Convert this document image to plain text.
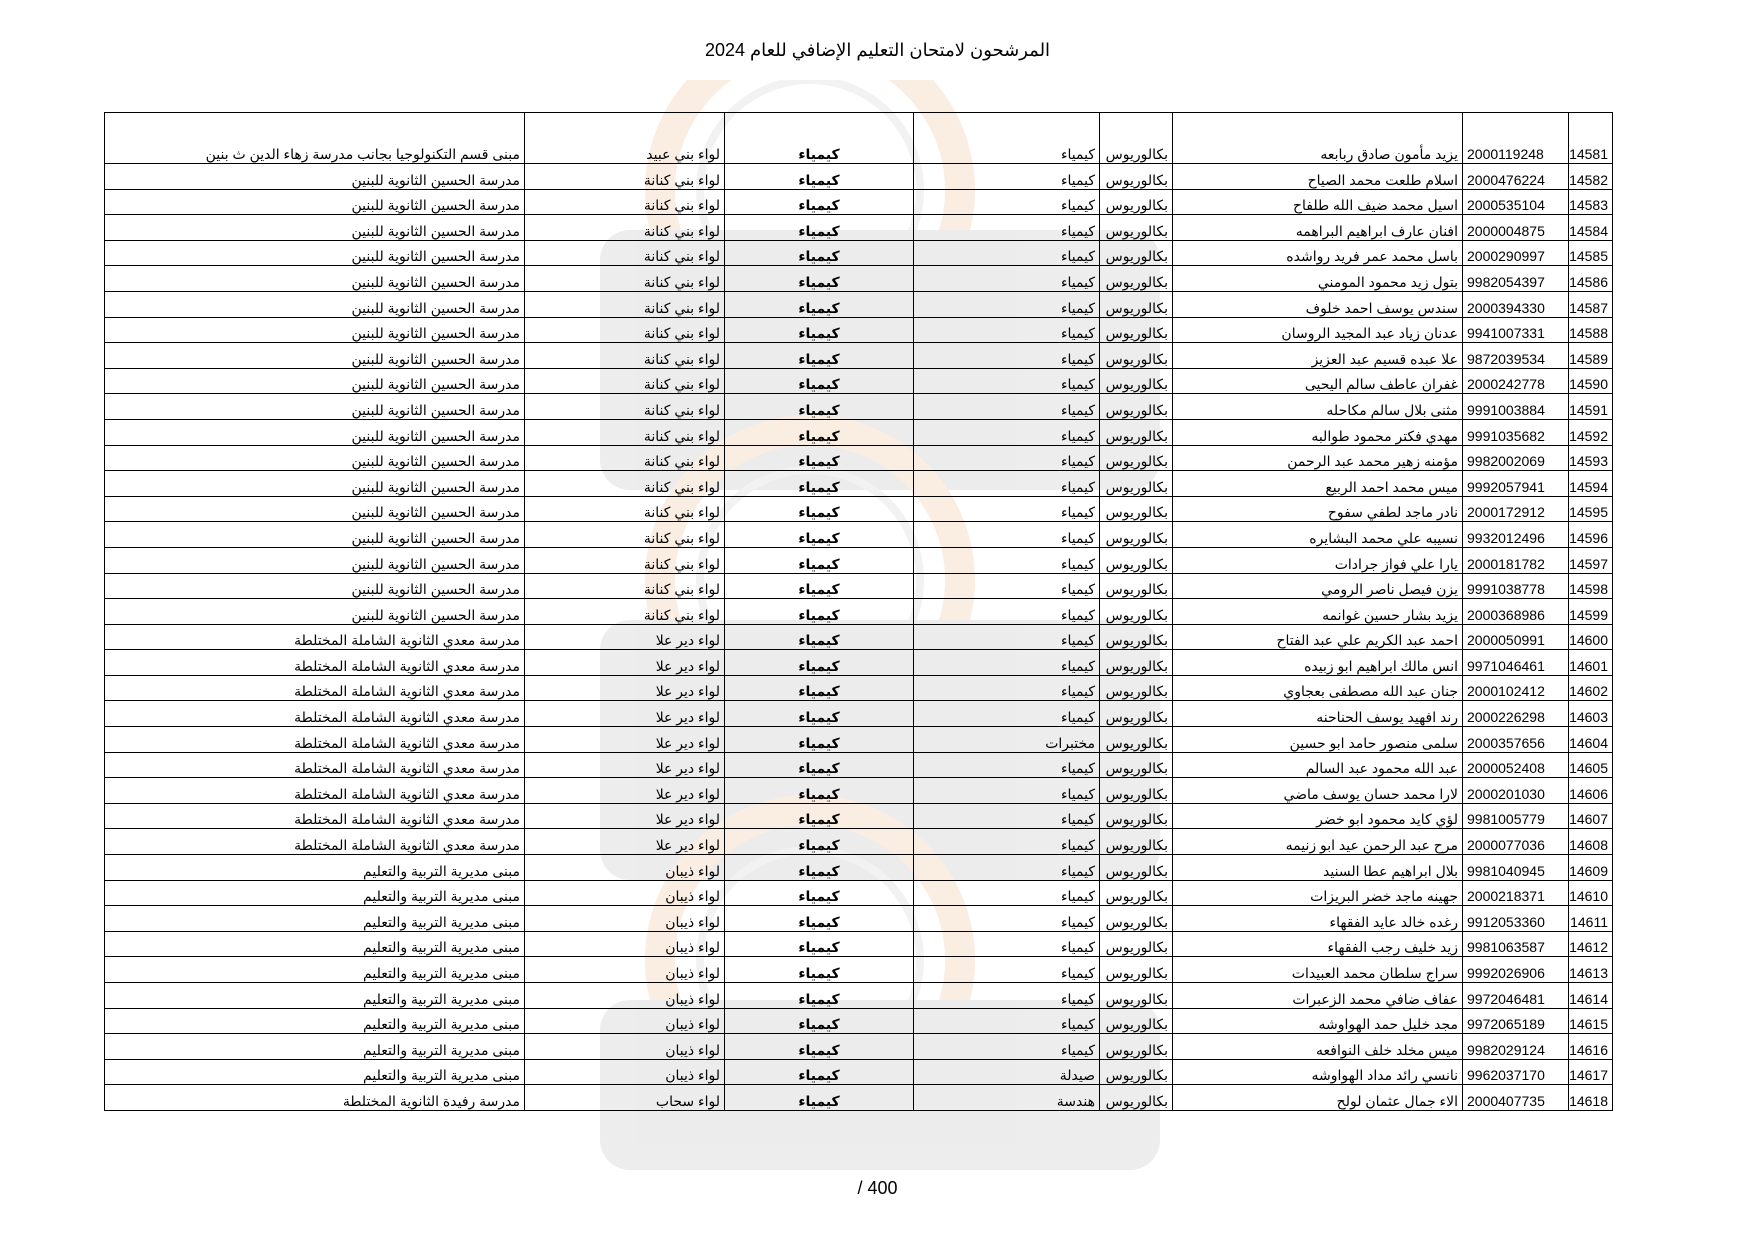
المرشحون لامتحان التعليم الإضافي للعام 2024
14581	2000119248	يزيد مأمون صادق ربابعه	بكالوريوس	كيمياء	كيمياء	لواء بني عبيد	مبنى قسم التكنولوجيا بجانب مدرسة زهاء الدين ث بنين
14582	2000476224	اسلام طلعت محمد الصياح	بكالوريوس	كيمياء	كيمياء	لواء بني كنانة	مدرسة الحسين الثانوية للبنين
14583	2000535104	اسيل محمد ضيف الله طلفاح	بكالوريوس	كيمياء	كيمياء	لواء بني كنانة	مدرسة الحسين الثانوية للبنين
14584	2000004875	افنان عارف ابراهيم البراهمه	بكالوريوس	كيمياء	كيمياء	لواء بني كنانة	مدرسة الحسين الثانوية للبنين
14585	2000290997	باسل محمد عمر فريد رواشده	بكالوريوس	كيمياء	كيمياء	لواء بني كنانة	مدرسة الحسين الثانوية للبنين
14586	9982054397	بتول زيد محمود المومني	بكالوريوس	كيمياء	كيمياء	لواء بني كنانة	مدرسة الحسين الثانوية للبنين
14587	2000394330	سندس يوسف احمد خلوف	بكالوريوس	كيمياء	كيمياء	لواء بني كنانة	مدرسة الحسين الثانوية للبنين
14588	9941007331	عدنان زياد عبد المجيد الروسان	بكالوريوس	كيمياء	كيمياء	لواء بني كنانة	مدرسة الحسين الثانوية للبنين
14589	9872039534	علا عبده قسيم عبد العزيز	بكالوريوس	كيمياء	كيمياء	لواء بني كنانة	مدرسة الحسين الثانوية للبنين
14590	2000242778	غفران عاطف سالم اليحيى	بكالوريوس	كيمياء	كيمياء	لواء بني كنانة	مدرسة الحسين الثانوية للبنين
14591	9991003884	مثنى بلال سالم مكاحله	بكالوريوس	كيمياء	كيمياء	لواء بني كنانة	مدرسة الحسين الثانوية للبنين
14592	9991035682	مهدي فكتر محمود طوالبه	بكالوريوس	كيمياء	كيمياء	لواء بني كنانة	مدرسة الحسين الثانوية للبنين
14593	9982002069	مؤمنه زهير محمد عبد الرحمن	بكالوريوس	كيمياء	كيمياء	لواء بني كنانة	مدرسة الحسين الثانوية للبنين
14594	9992057941	ميس محمد احمد الربيع	بكالوريوس	كيمياء	كيمياء	لواء بني كنانة	مدرسة الحسين الثانوية للبنين
14595	2000172912	نادر ماجد لطفي سفوح	بكالوريوس	كيمياء	كيمياء	لواء بني كنانة	مدرسة الحسين الثانوية للبنين
14596	9932012496	نسيبه علي محمد البشايره	بكالوريوس	كيمياء	كيمياء	لواء بني كنانة	مدرسة الحسين الثانوية للبنين
14597	2000181782	يارا علي فواز جرادات	بكالوريوس	كيمياء	كيمياء	لواء بني كنانة	مدرسة الحسين الثانوية للبنين
14598	9991038778	يزن فيصل ناصر الرومي	بكالوريوس	كيمياء	كيمياء	لواء بني كنانة	مدرسة الحسين الثانوية للبنين
14599	2000368986	يزيد بشار حسين غوانمه	بكالوريوس	كيمياء	كيمياء	لواء بني كنانة	مدرسة الحسين الثانوية للبنين
14600	2000050991	احمد عبد الكريم علي عبد الفتاح	بكالوريوس	كيمياء	كيمياء	لواء دير علا	مدرسة معدي الثانوية الشاملة المختلطة
14601	9971046461	انس مالك ابراهيم ابو زبيده	بكالوريوس	كيمياء	كيمياء	لواء دير علا	مدرسة معدي الثانوية الشاملة المختلطة
14602	2000102412	جنان عبد الله مصطفى بعجاوي	بكالوريوس	كيمياء	كيمياء	لواء دير علا	مدرسة معدي الثانوية الشاملة المختلطة
14603	2000226298	رند افهيد يوسف الحناحنه	بكالوريوس	كيمياء	كيمياء	لواء دير علا	مدرسة معدي الثانوية الشاملة المختلطة
14604	2000357656	سلمى منصور حامد ابو حسين	بكالوريوس	مختبرات	كيمياء	لواء دير علا	مدرسة معدي الثانوية الشاملة المختلطة
14605	2000052408	عبد الله محمود عبد السالم	بكالوريوس	كيمياء	كيمياء	لواء دير علا	مدرسة معدي الثانوية الشاملة المختلطة
14606	2000201030	لارا محمد حسان يوسف ماضي	بكالوريوس	كيمياء	كيمياء	لواء دير علا	مدرسة معدي الثانوية الشاملة المختلطة
14607	9981005779	لؤي كايد محمود ابو خضر	بكالوريوس	كيمياء	كيمياء	لواء دير علا	مدرسة معدي الثانوية الشاملة المختلطة
14608	2000077036	مرح عبد الرحمن عيد ابو زنيمه	بكالوريوس	كيمياء	كيمياء	لواء دير علا	مدرسة معدي الثانوية الشاملة المختلطة
14609	9981040945	بلال ابراهيم عطا السنيد	بكالوريوس	كيمياء	كيمياء	لواء ذيبان	مبنى مديرية التربية والتعليم
14610	2000218371	جهينه ماجد خضر البريزات	بكالوريوس	كيمياء	كيمياء	لواء ذيبان	مبنى مديرية التربية والتعليم
14611	9912053360	رغده خالد عايد الفقهاء	بكالوريوس	كيمياء	كيمياء	لواء ذيبان	مبنى مديرية التربية والتعليم
14612	9981063587	زيد خليف رجب الفقهاء	بكالوريوس	كيمياء	كيمياء	لواء ذيبان	مبنى مديرية التربية والتعليم
14613	9992026906	سراج سلطان محمد العبيدات	بكالوريوس	كيمياء	كيمياء	لواء ذيبان	مبنى مديرية التربية والتعليم
14614	9972046481	عفاف ضافي محمد الزعبرات	بكالوريوس	كيمياء	كيمياء	لواء ذيبان	مبنى مديرية التربية والتعليم
14615	9972065189	مجد خليل حمد الهواوشه	بكالوريوس	كيمياء	كيمياء	لواء ذيبان	مبنى مديرية التربية والتعليم
14616	9982029124	ميس مخلد خلف النوافعه	بكالوريوس	كيمياء	كيمياء	لواء ذيبان	مبنى مديرية التربية والتعليم
14617	9962037170	نانسي رائد مداد الهواوشه	بكالوريوس	صيدلة	كيمياء	لواء ذيبان	مبنى مديرية التربية والتعليم
14618	2000407735	الاء جمال عثمان لولح	بكالوريوس	هندسة	كيمياء	لواء سحاب	مدرسة رفيدة الثانوية المختلطة
/ 400
